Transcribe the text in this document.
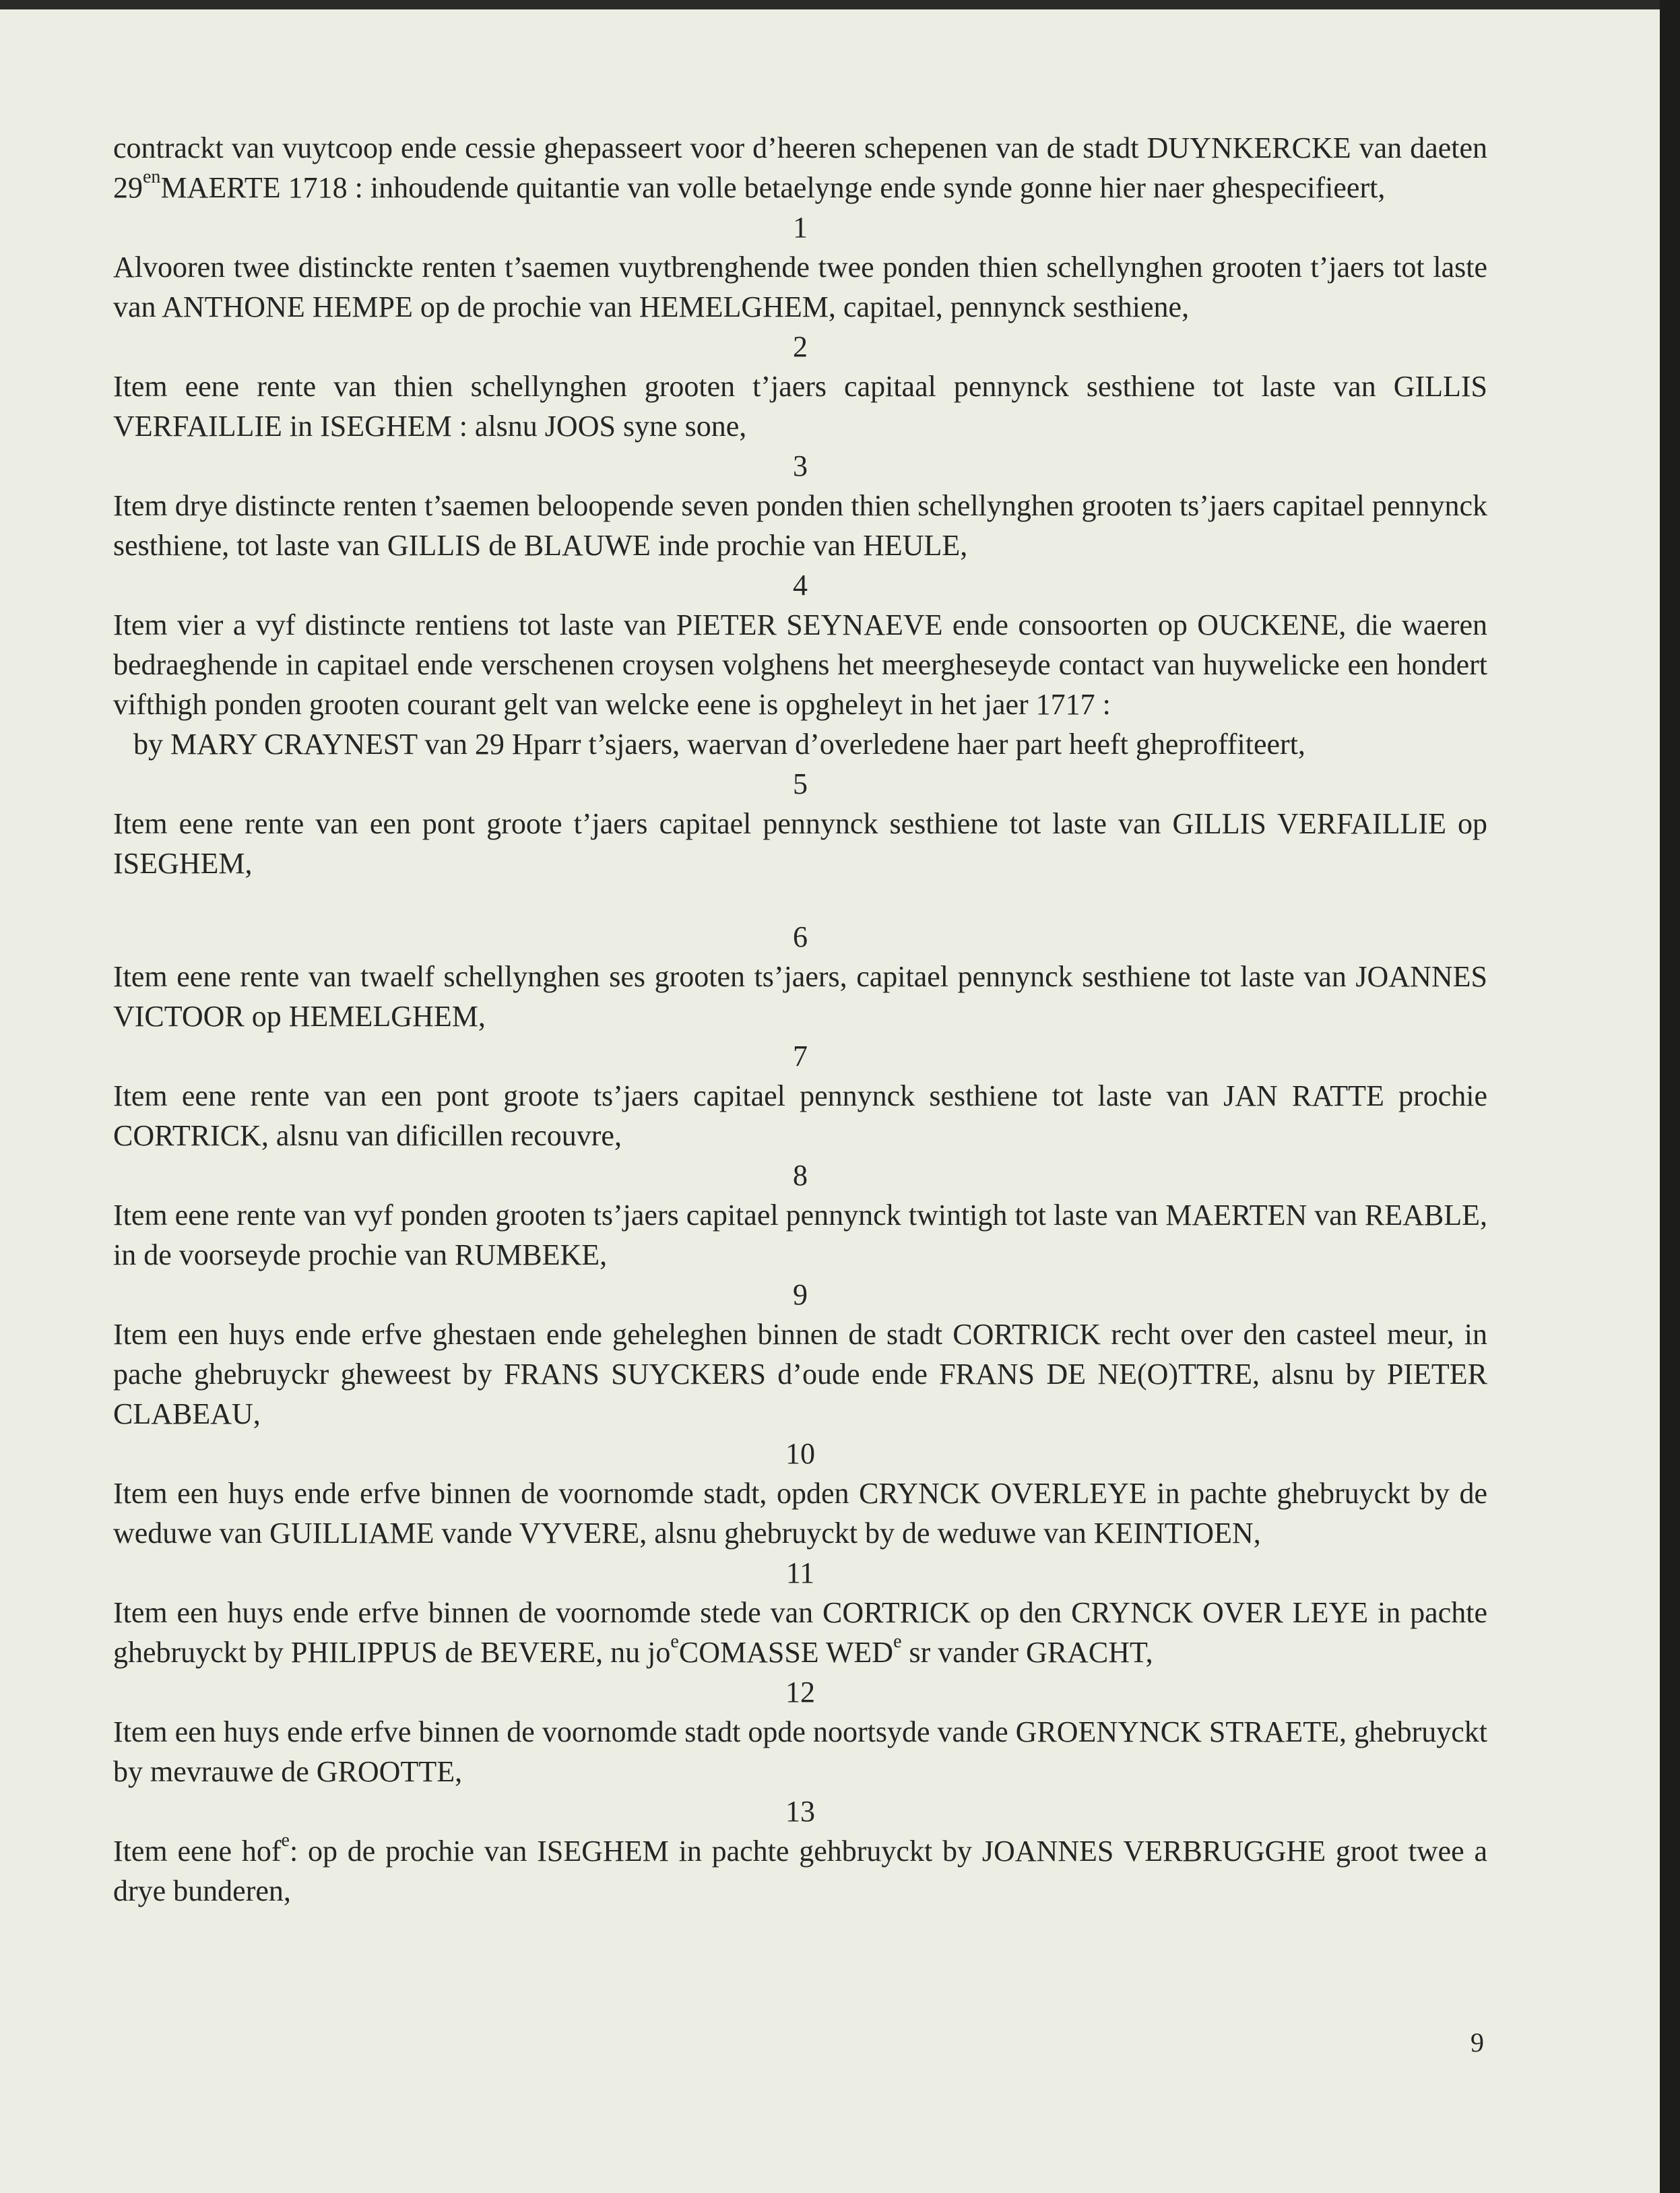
contrackt van vuytcoop ende cessie ghepasseert voor d’heeren schepenen van de stadt DUYNKERCKE van daeten $29^{en}MAERTE$ 1718 : inhoudende quitantie van volle betaelynge ende synde gonne hier naer ghespecifieert,

1

Alvooren twee distinckte renten t’saemen vuytbrenghende twee ponden thien schellynghen grooten t’jaers tot laste van ANTHONE HEMPE op de prochie van HEMELGHEM, capitael, pennynck sesthiene,

2

Item eene rente van thien schellynghen grooten t’jaers capitaal pennynck sesthiene tot laste van GILLIS VERFAILLIE in ISEGHEM : alsnu JOOS syne sone,

3

Item drye distincte renten t’saemen beloopende seven ponden thien schellynghen grooten ts’jaers capitael pennynck sesthiene, tot laste van GILLIS de BLAUWE inde prochie van HEULE,

4

Item vier a vyf distincte rentiens tot laste van PIETER SEYNAEVE ende consoorten op OUCKENE, die waeren bedraeghende in capitael ende verschenen croysen volghens het meergheseyde contact van huywelicke een hondert vifthigh ponden grooten courant gelt van welcke eene is opgheleyt in het jaer 1717 :

by MARY CRAYNEST van 29 Hparr t’sjaers, waervan d’overledene haer part heeft gheproffiteert,

5

Item eene rente van een pont groote t’jaers capitael pennynck sesthiene tot laste van GILLIS VERFAILLIE op ISEGHEM,

6

Item eene rente van twaelf schellynghen ses grooten ts’jaers, capitael pennynck sesthiene tot laste van JOANNES VICTOOR op HEMELGHEM,

7

Item eene rente van een pont groote ts’jaers capitael pennynck sesthiene tot laste van JAN RATTE prochie CORTRICK, alsnu van dificillen recouvre,

8

Item eene rente van vyf ponden grooten ts’jaers capitael pennynck twintigh tot laste van MAERTEN van REABLE, in de voorseyde prochie van RUMBEKE,

9

Item een huys ende erfve ghestaen ende geheleghen binnen de stadt CORTRICK recht over den casteel meur, in pache ghebruyckr gheweest by FRANS SUYCKERS d’oude ende FRANS DE NE(O)TTRE, alsnu by PIETER CLABEAU,

10

Item een huys ende erfve binnen de voornomde stadt, opden CRYNCK OVERLEYE in pachte ghebruyckt by de weduwe van GUILLIAME vande VYVERE, alsnu ghebruyckt by de weduwe van KEINTIOEN,

11

Item een huys ende erfve binnen de voornomde stede van CORTRICK op den CRYNCK OVER LEYE in pachte ghebruyckt by PHILIPPUS de BEVERE, nu $jo^eCOMASSE$ WED$^e$ sr vander GRACHT,

12

Item een huys ende erfve binnen de voornomde stadt opde noortsyde vande GROENYNCK STRAETE, ghebruyckt by mevrauwe de GROOTTE,

13

Item eene hof$^e$: op de prochie van ISEGHEM in pachte gehbruyckt by JOANNES VERBRUGGHE groot twee a drye bunderen,

9
